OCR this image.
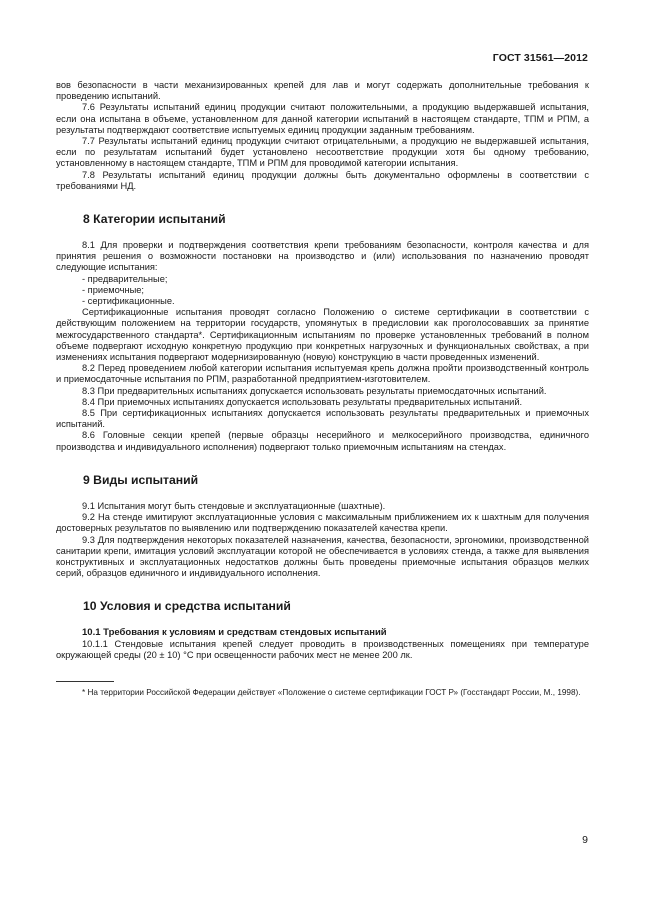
ГОСТ 31561—2012

вов безопасности в части механизированных крепей для лав и могут содержать дополнительные требования к проведению испытаний.

7.6 Результаты испытаний единиц продукции считают положительными, а продукцию выдержавшей испытания, если она испытана в объеме, установленном для данной категории испытаний в настоящем стандарте, ТПМ и РПМ, а результаты подтверждают соответствие испытуемых единиц продукции заданным требованиям.

7.7 Результаты испытаний единиц продукции считают отрицательными, а продукцию не выдержавшей испытания, если по результатам испытаний будет установлено несоответствие продукции хотя бы одному требованию, установленному в настоящем стандарте, ТПМ и РПМ для проводимой категории испытания.

7.8 Результаты испытаний единиц продукции должны быть документально оформлены в соответствии с требованиями НД.

8 Категории испытаний

8.1 Для проверки и подтверждения соответствия крепи требованиям безопасности, контроля качества и для принятия решения о возможности постановки на производство и (или) использования по назначению проводят следующие испытания:

- предварительные;

- приемочные;

- сертификационные.

Сертификационные испытания проводят согласно Положению о системе сертификации в соответствии с действующим положением на территории государств, упомянутых в предисловии как проголосовавших за принятие межгосударственного стандарта*. Сертификационным испытаниям по проверке установленных требований в полном объеме подвергают исходную конкретную продукцию при конкретных нагрузочных и функциональных свойствах, а при изменениях испытания подвергают модернизированную (новую) конструкцию в части проведенных изменений.

8.2 Перед проведением любой категории испытания испытуемая крепь должна пройти производственный контроль и приемосдаточные испытания по РПМ, разработанной предприятием-изготовителем.

8.3 При предварительных испытаниях допускается использовать результаты приемосдаточных испытаний.

8.4 При приемочных испытаниях допускается использовать результаты предварительных испытаний.

8.5 При сертификационных испытаниях допускается использовать результаты предварительных и приемочных испытаний.

8.6 Головные секции крепей (первые образцы несерийного и мелкосерийного производства, единичного производства и индивидуального исполнения) подвергают только приемочным испытаниям на стендах.

9 Виды испытаний

9.1 Испытания могут быть стендовые и эксплуатационные (шахтные).

9.2 На стенде имитируют эксплуатационные условия с максимальным приближением их к шахтным для получения достоверных результатов по выявлению или подтверждению показателей качества крепи.

9.3 Для подтверждения некоторых показателей назначения, качества, безопасности, эргономики, производственной санитарии крепи, имитация условий эксплуатации которой не обеспечивается в условиях стенда, а также для выявления конструктивных и эксплуатационных недостатков должны быть проведены приемочные испытания образцов мелких серий, образцов единичного и индивидуального исполнения.

10 Условия и средства испытаний
10.1 Требования к условиям и средствам стендовых испытаний

10.1.1 Стендовые испытания крепей следует проводить в производственных помещениях при температуре окружающей среды (20 ± 10) °С при освещенности рабочих мест не менее 200 лк.

* На территории Российской Федерации действует «Положение о системе сертификации ГОСТ Р» (Госстандарт России, М., 1998).

9
